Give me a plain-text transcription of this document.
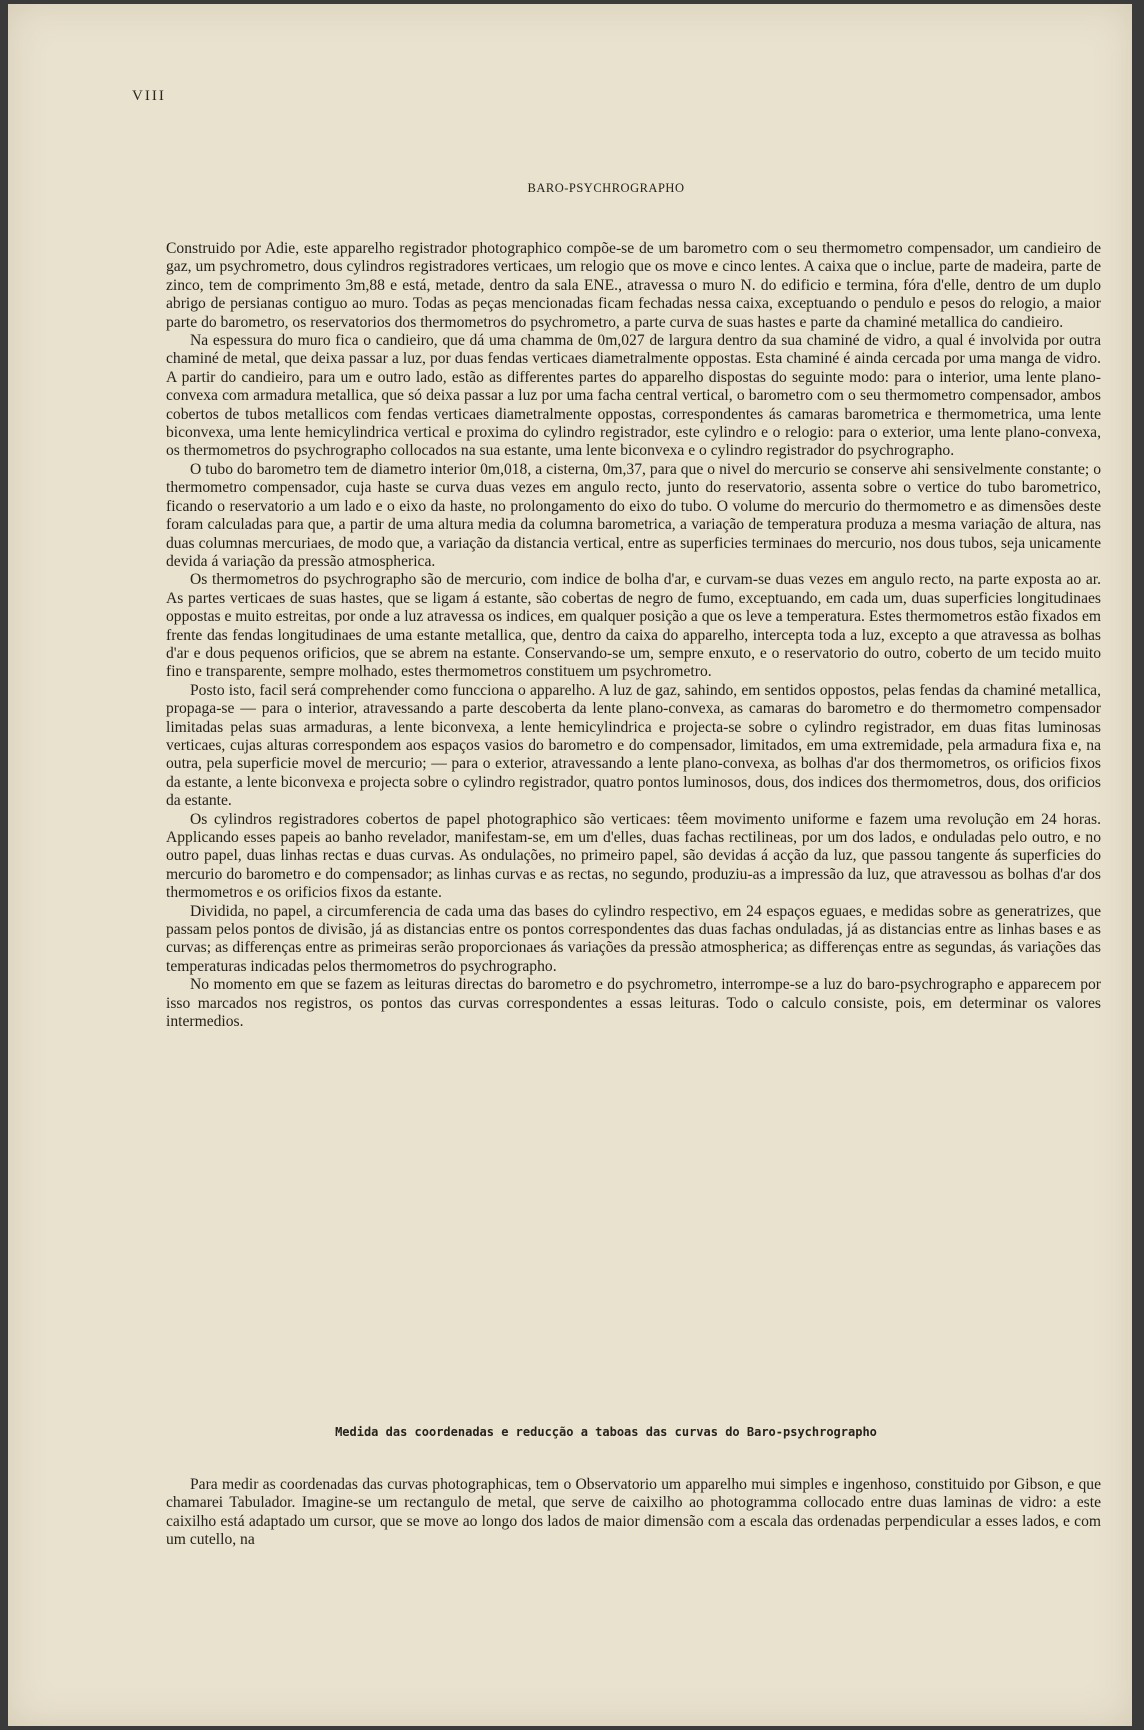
VIII
BARO-PSYCHROGRAPHO

Construido por Adie, este apparelho registrador photographico compõe-se de um barometro com o seu thermometro compensador, um candieiro de gaz, um psychrometro, dous cylindros registradores verticaes, um relogio que os move e cinco lentes. A caixa que o inclue, parte de madeira, parte de zinco, tem de comprimento 3m,88 e está, metade, dentro da sala ENE., atravessa o muro N. do edificio e termina, fóra d'elle, dentro de um duplo abrigo de persianas contiguo ao muro. Todas as peças mencionadas ficam fechadas nessa caixa, exceptuando o pendulo e pesos do relogio, a maior parte do barometro, os reservatorios dos thermometros do psychrometro, a parte curva de suas hastes e parte da chaminé metallica do candieiro.

Na espessura do muro fica o candieiro, que dá uma chamma de 0m,027 de largura dentro da sua chaminé de vidro, a qual é involvida por outra chaminé de metal, que deixa passar a luz, por duas fendas verticaes diametralmente oppostas. Esta chaminé é ainda cercada por uma manga de vidro. A partir do candieiro, para um e outro lado, estão as differentes partes do apparelho dispostas do seguinte modo: para o interior, uma lente plano-convexa com armadura metallica, que só deixa passar a luz por uma facha central vertical, o barometro com o seu thermometro compensador, ambos cobertos de tubos metallicos com fendas verticaes diametralmente oppostas, correspondentes ás camaras barometrica e thermometrica, uma lente biconvexa, uma lente hemicylindrica vertical e proxima do cylindro registrador, este cylindro e o relogio: para o exterior, uma lente plano-convexa, os thermometros do psychrographo collocados na sua estante, uma lente biconvexa e o cylindro registrador do psychrographo.

O tubo do barometro tem de diametro interior 0m,018, a cisterna, 0m,37, para que o nivel do mercurio se conserve ahi sensivelmente constante; o thermometro compensador, cuja haste se curva duas vezes em angulo recto, junto do reservatorio, assenta sobre o vertice do tubo barometrico, ficando o reservatorio a um lado e o eixo da haste, no prolongamento do eixo do tubo. O volume do mercurio do thermometro e as dimensões deste foram calculadas para que, a partir de uma altura media da columna barometrica, a variação de temperatura produza a mesma variação de altura, nas duas columnas mercuriaes, de modo que, a variação da distancia vertical, entre as superficies terminaes do mercurio, nos dous tubos, seja unicamente devida á variação da pressão atmospherica.

Os thermometros do psychrographo são de mercurio, com indice de bolha d'ar, e curvam-se duas vezes em angulo recto, na parte exposta ao ar. As partes verticaes de suas hastes, que se ligam á estante, são cobertas de negro de fumo, exceptuando, em cada um, duas superficies longitudinaes oppostas e muito estreitas, por onde a luz atravessa os indices, em qualquer posição a que os leve a temperatura. Estes thermometros estão fixados em frente das fendas longitudinaes de uma estante metallica, que, dentro da caixa do apparelho, intercepta toda a luz, excepto a que atravessa as bolhas d'ar e dous pequenos orificios, que se abrem na estante. Conservando-se um, sempre enxuto, e o reservatorio do outro, coberto de um tecido muito fino e transparente, sempre molhado, estes thermometros constituem um psychrometro.

Posto isto, facil será comprehender como funcciona o apparelho. A luz de gaz, sahindo, em sentidos oppostos, pelas fendas da chaminé metallica, propaga-se — para o interior, atravessando a parte descoberta da lente plano-convexa, as camaras do barometro e do thermometro compensador limitadas pelas suas armaduras, a lente biconvexa, a lente hemicylindrica e projecta-se sobre o cylindro registrador, em duas fitas luminosas verticaes, cujas alturas correspondem aos espaços vasios do barometro e do compensador, limitados, em uma extremidade, pela armadura fixa e, na outra, pela superficie movel de mercurio; — para o exterior, atravessando a lente plano-convexa, as bolhas d'ar dos thermometros, os orificios fixos da estante, a lente biconvexa e projecta sobre o cylindro registrador, quatro pontos luminosos, dous, dos indices dos thermometros, dous, dos orificios da estante.

Os cylindros registradores cobertos de papel photographico são verticaes: têem movimento uniforme e fazem uma revolução em 24 horas. Applicando esses papeis ao banho revelador, manifestam-se, em um d'elles, duas fachas rectilineas, por um dos lados, e onduladas pelo outro, e no outro papel, duas linhas rectas e duas curvas. As ondulações, no primeiro papel, são devidas á acção da luz, que passou tangente ás superficies do mercurio do barometro e do compensador; as linhas curvas e as rectas, no segundo, produziu-as a impressão da luz, que atravessou as bolhas d'ar dos thermometros e os orificios fixos da estante.

Dividida, no papel, a circumferencia de cada uma das bases do cylindro respectivo, em 24 espaços eguaes, e medidas sobre as generatrizes, que passam pelos pontos de divisão, já as distancias entre os pontos correspondentes das duas fachas onduladas, já as distancias entre as linhas bases e as curvas; as differenças entre as primeiras serão proporcionaes ás variações da pressão atmospherica; as differenças entre as segundas, ás variações das temperaturas indicadas pelos thermometros do psychrographo.

No momento em que se fazem as leituras directas do barometro e do psychrometro, interrompe-se a luz do baro-psychrographo e apparecem por isso marcados nos registros, os pontos das curvas correspondentes a essas leituras. Todo o calculo consiste, pois, em determinar os valores intermedios.

Medida das coordenadas e reducção a taboas das curvas do Baro-psychrographo

Para medir as coordenadas das curvas photographicas, tem o Observatorio um apparelho mui simples e ingenhoso, constituido por Gibson, e que chamarei Tabulador. Imagine-se um rectangulo de metal, que serve de caixilho ao photogramma collocado entre duas laminas de vidro: a este caixilho está adaptado um cursor, que se move ao longo dos lados de maior dimensão com a escala das ordenadas perpendicular a esses lados, e com um cutello, na
